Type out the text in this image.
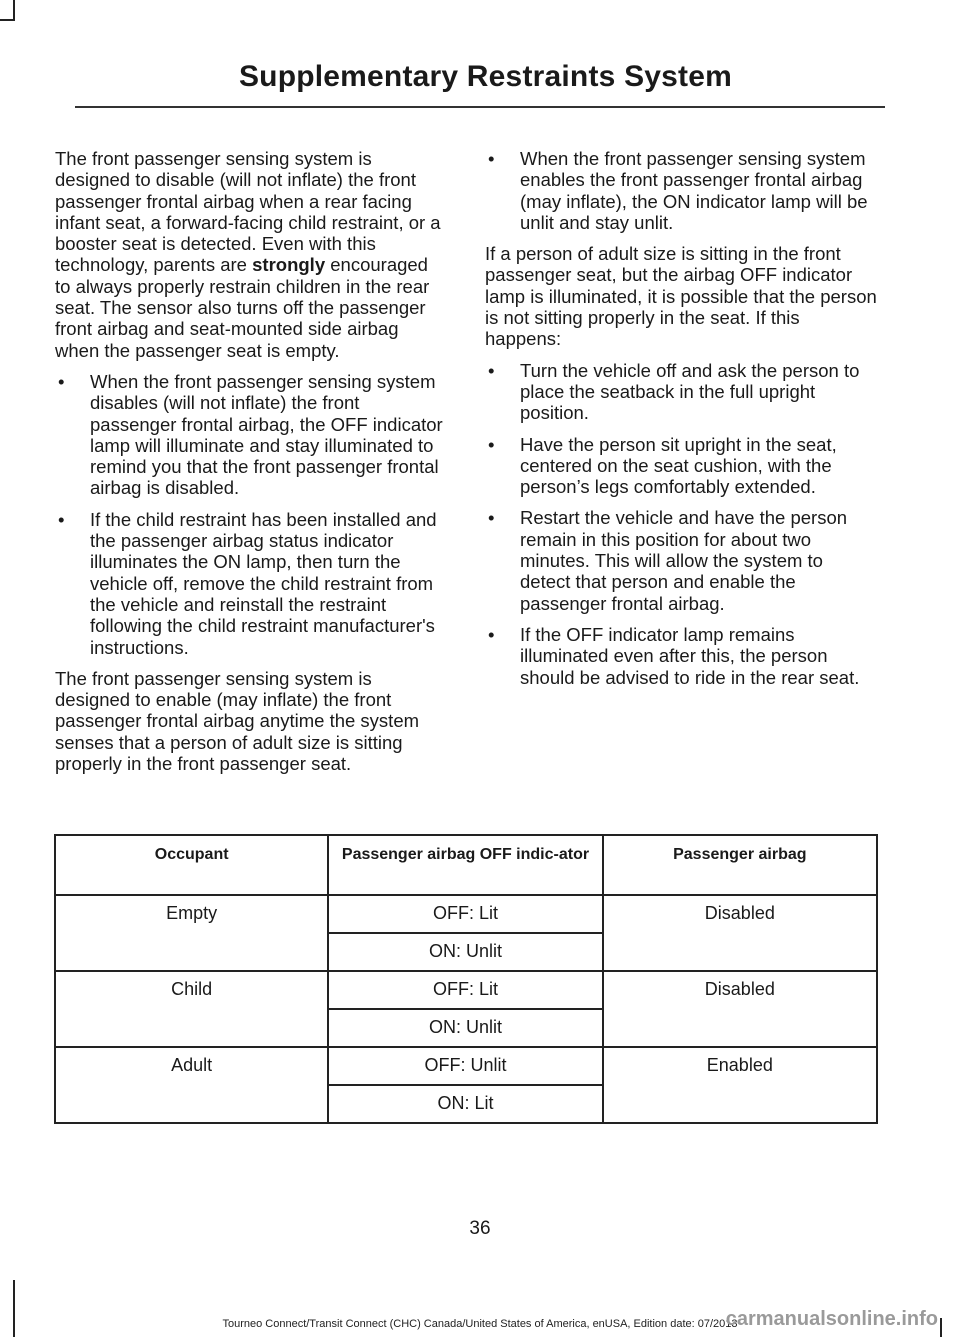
Supplementary Restraints System

The front passenger sensing system is designed to disable (will not inflate) the front passenger frontal airbag when a rear facing infant seat, a forward-facing child restraint, or a booster seat is detected. Even with this technology, parents are strongly encouraged to always properly restrain children in the rear seat. The sensor also turns off the passenger front airbag and seat-mounted side airbag when the passenger seat is empty.

• When the front passenger sensing system disables (will not inflate) the front passenger frontal airbag, the OFF indicator lamp will illuminate and stay illuminated to remind you that the front passenger frontal airbag is disabled.
• If the child restraint has been installed and the passenger airbag status indicator illuminates the ON lamp, then turn the vehicle off, remove the child restraint from the vehicle and reinstall the restraint following the child restraint manufacturer's instructions.

The front passenger sensing system is designed to enable (may inflate) the front passenger frontal airbag anytime the system senses that a person of adult size is sitting properly in the front passenger seat.

• When the front passenger sensing system enables the front passenger frontal airbag (may inflate), the ON indicator lamp will be unlit and stay unlit.

If a person of adult size is sitting in the front passenger seat, but the airbag OFF indicator lamp is illuminated, it is possible that the person is not sitting properly in the seat. If this happens:

• Turn the vehicle off and ask the person to place the seatback in the full upright position.
• Have the person sit upright in the seat, centered on the seat cushion, with the person’s legs comfortably extended.
• Restart the vehicle and have the person remain in this position for about two minutes. This will allow the system to detect that person and enable the passenger frontal airbag.
• If the OFF indicator lamp remains illuminated even after this, the person should be advised to ride in the rear seat.
Occupant	Passenger airbag OFF indic-ator	Passenger airbag
Empty	OFF: Lit	Disabled
	ON: Unlit	
Child	OFF: Lit	Disabled
	ON: Unlit	
Adult	OFF: Unlit	Enabled
	ON: Lit	
36
Tourneo Connect/Transit Connect (CHC) Canada/United States of America, enUSA, Edition date: 07/2013
carmanualsonline.info
